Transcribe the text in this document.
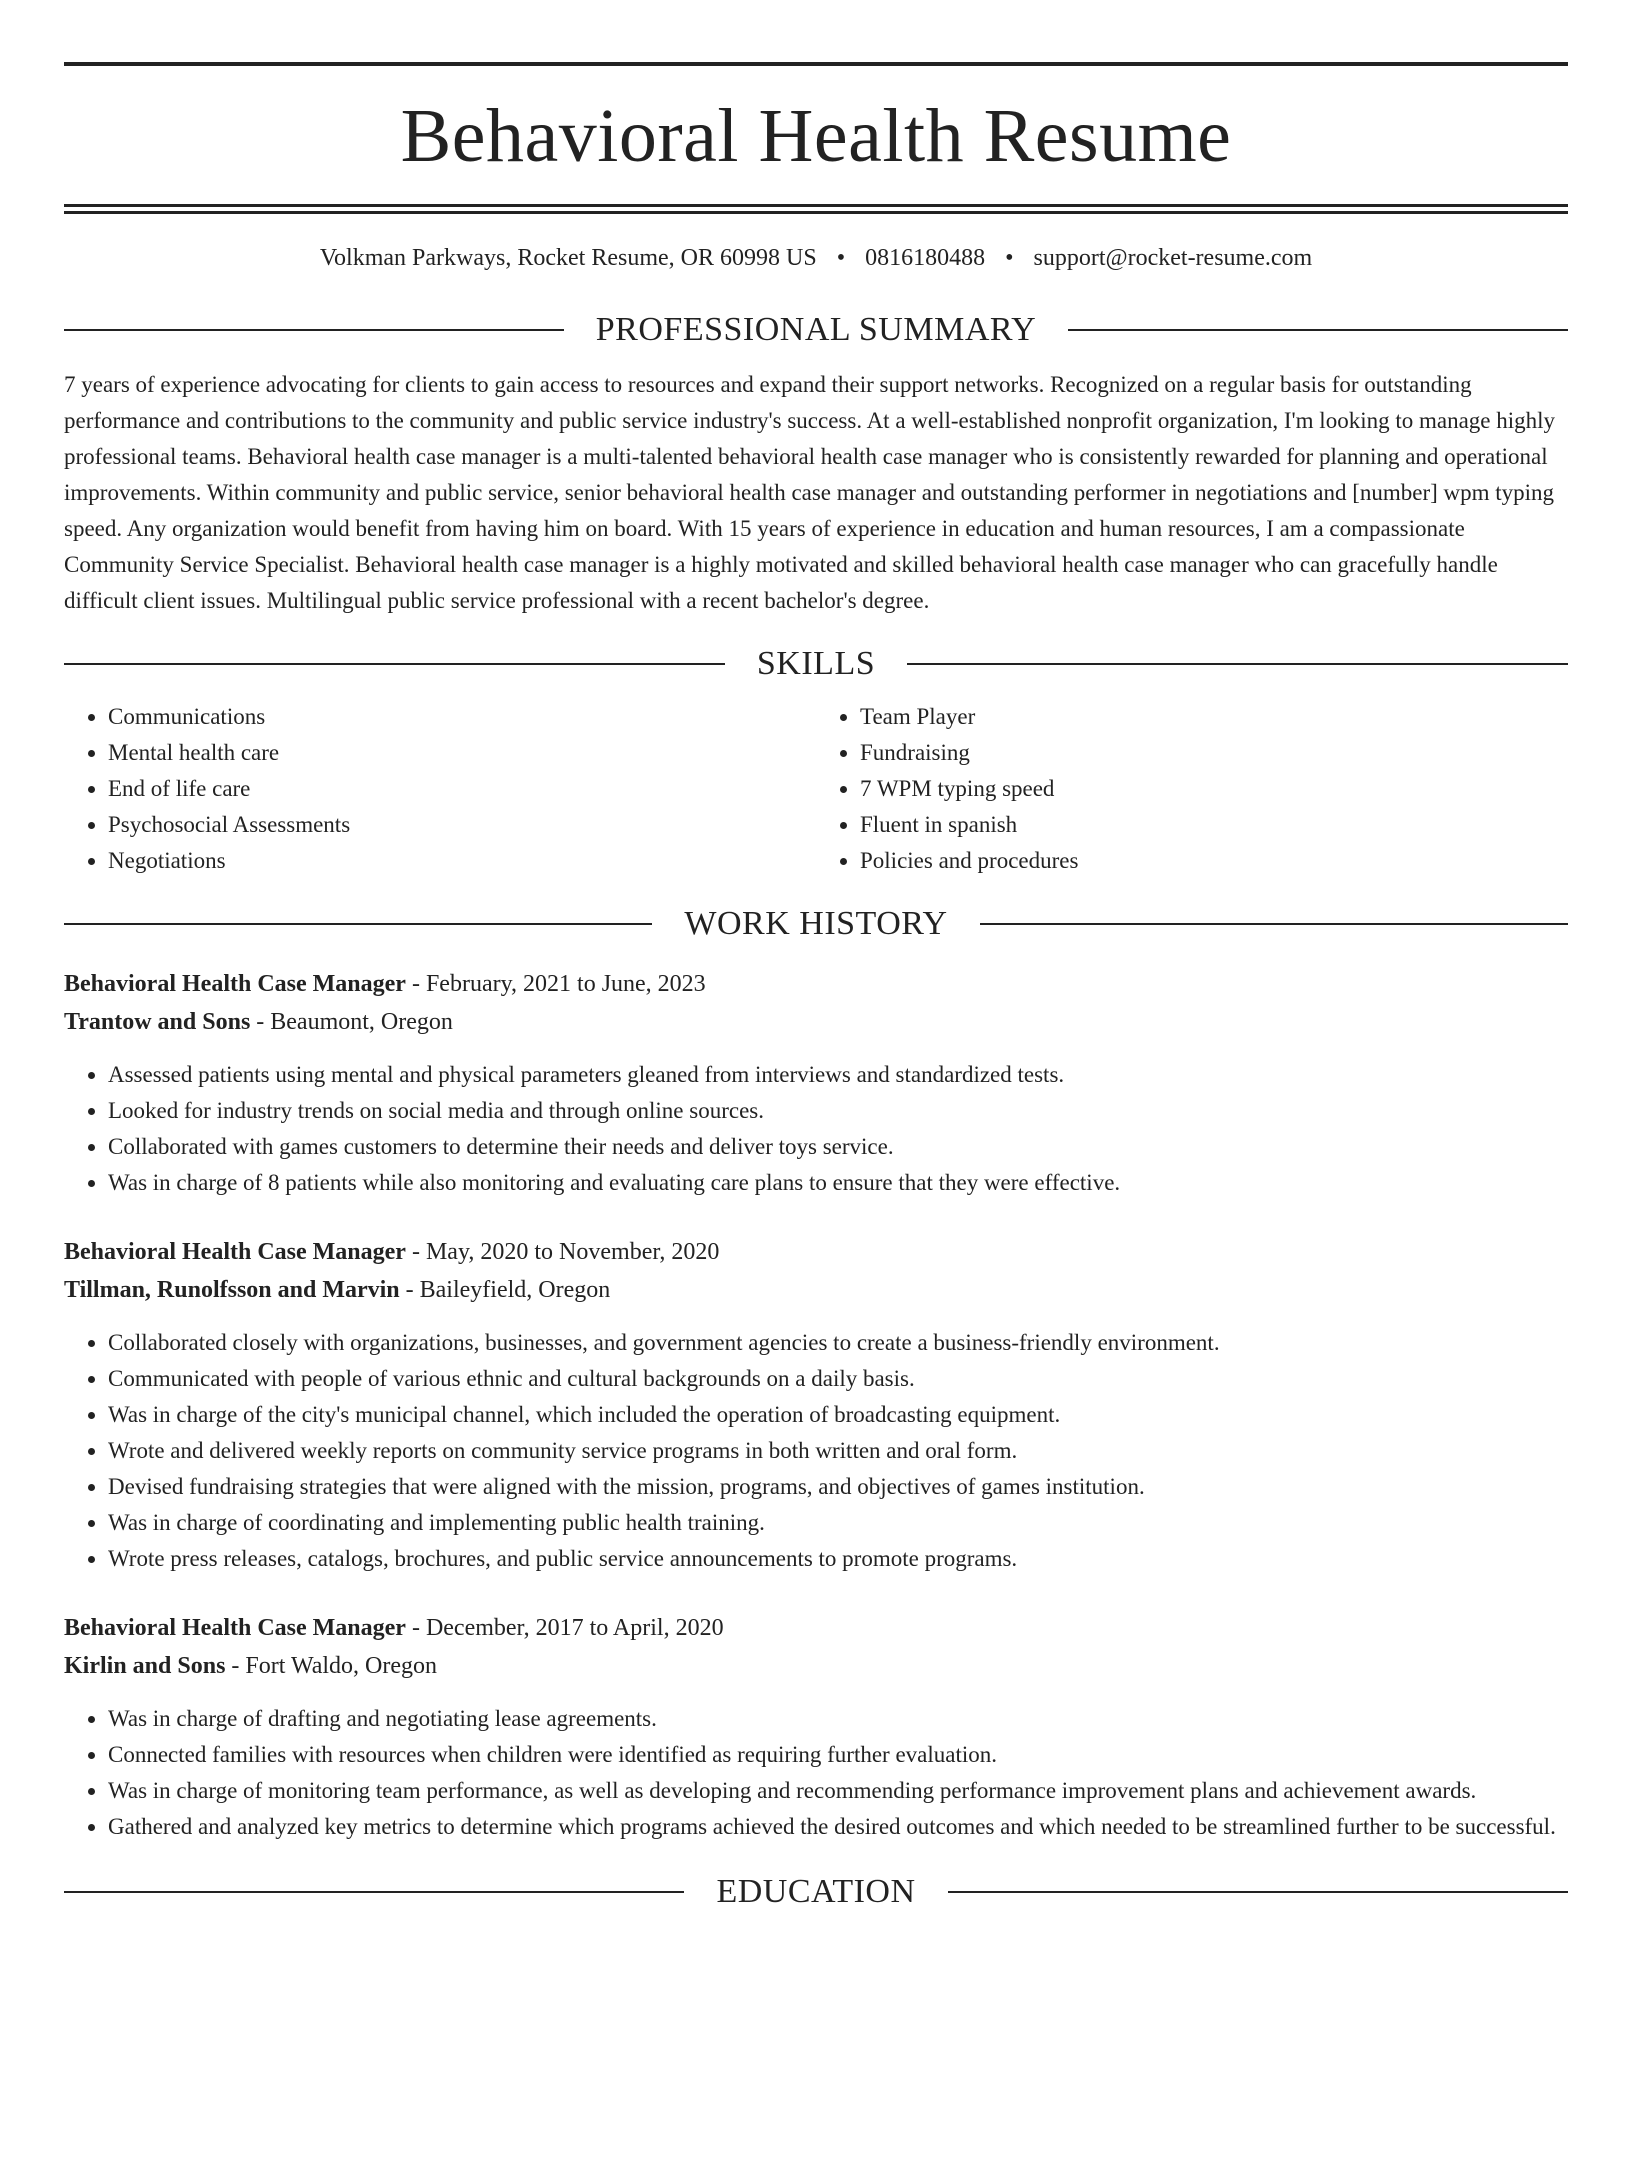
Behavioral Health Resume
Volkman Parkways, Rocket Resume, OR 60998 US • 0816180488 • support@rocket-resume.com
PROFESSIONAL SUMMARY
7 years of experience advocating for clients to gain access to resources and expand their support networks. Recognized on a regular basis for outstanding performance and contributions to the community and public service industry's success. At a well-established nonprofit organization, I'm looking to manage highly professional teams. Behavioral health case manager is a multi-talented behavioral health case manager who is consistently rewarded for planning and operational improvements. Within community and public service, senior behavioral health case manager and outstanding performer in negotiations and [number] wpm typing speed. Any organization would benefit from having him on board. With 15 years of experience in education and human resources, I am a compassionate Community Service Specialist. Behavioral health case manager is a highly motivated and skilled behavioral health case manager who can gracefully handle difficult client issues. Multilingual public service professional with a recent bachelor's degree.
SKILLS
• Communications
• Mental health care
• End of life care
• Psychosocial Assessments
• Negotiations
• Team Player
• Fundraising
• 7 WPM typing speed
• Fluent in spanish
• Policies and procedures
WORK HISTORY
Behavioral Health Case Manager - February, 2021 to June, 2023
Trantow and Sons - Beaumont, Oregon
• Assessed patients using mental and physical parameters gleaned from interviews and standardized tests.
• Looked for industry trends on social media and through online sources.
• Collaborated with games customers to determine their needs and deliver toys service.
• Was in charge of 8 patients while also monitoring and evaluating care plans to ensure that they were effective.
Behavioral Health Case Manager - May, 2020 to November, 2020
Tillman, Runolfsson and Marvin - Baileyfield, Oregon
• Collaborated closely with organizations, businesses, and government agencies to create a business-friendly environment.
• Communicated with people of various ethnic and cultural backgrounds on a daily basis.
• Was in charge of the city's municipal channel, which included the operation of broadcasting equipment.
• Wrote and delivered weekly reports on community service programs in both written and oral form.
• Devised fundraising strategies that were aligned with the mission, programs, and objectives of games institution.
• Was in charge of coordinating and implementing public health training.
• Wrote press releases, catalogs, brochures, and public service announcements to promote programs.
Behavioral Health Case Manager - December, 2017 to April, 2020
Kirlin and Sons - Fort Waldo, Oregon
• Was in charge of drafting and negotiating lease agreements.
• Connected families with resources when children were identified as requiring further evaluation.
• Was in charge of monitoring team performance, as well as developing and recommending performance improvement plans and achievement awards.
• Gathered and analyzed key metrics to determine which programs achieved the desired outcomes and which needed to be streamlined further to be successful.
EDUCATION
